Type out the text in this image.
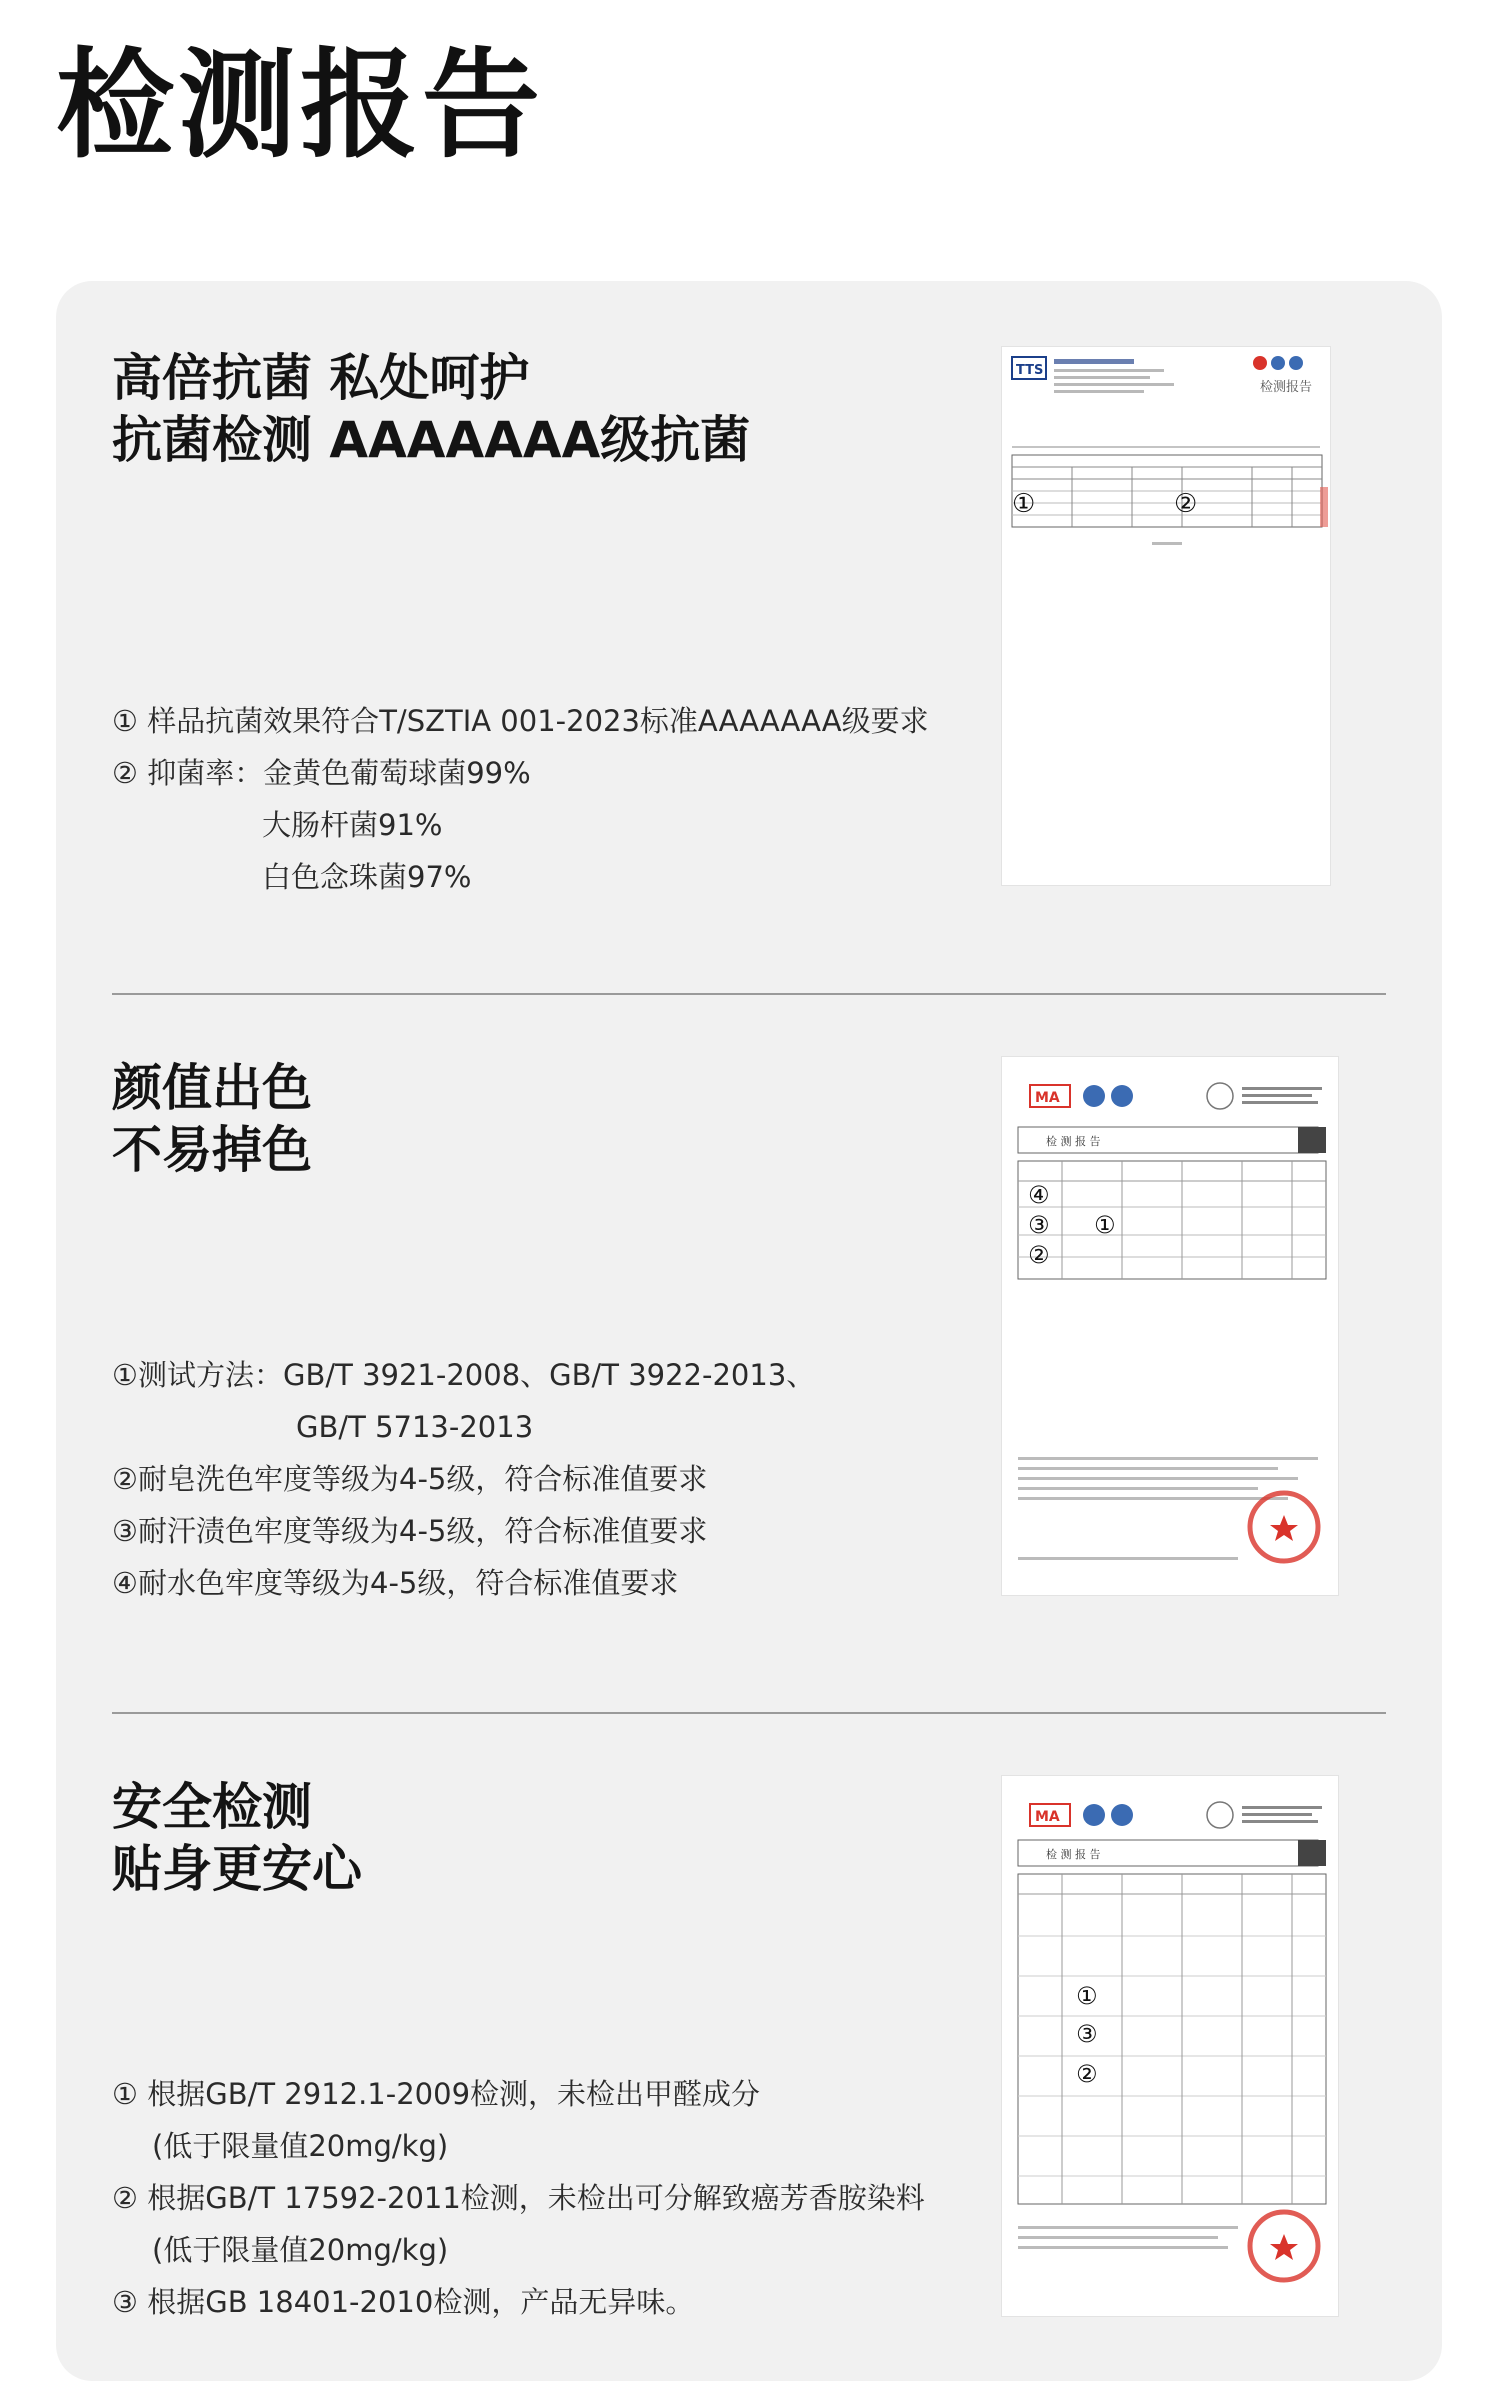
检测报告
高倍抗菌 私处呵护
抗菌检测 AAAAAAA级抗菌
① 样品抗菌效果符合T/SZTIA 001-2023标准AAAAAAA级要求
② 抑菌率：金黄色葡萄球菌99%
大肠杆菌91%
白色念珠菌97%
TTS
检测报告
①	②
颜值出色
不易掉色
①测试方法：GB/T 3921-2008、GB/T 3922-2013、
GB/T 5713-2013
②耐皂洗色牢度等级为4-5级，符合标准值要求
③耐汗渍色牢度等级为4-5级，符合标准值要求
④耐水色牢度等级为4-5级，符合标准值要求
MA
检 测 报 告
④
③ ①
②
安全检测
贴身更安心
① 根据GB/T 2912.1-2009检测，未检出甲醛成分
(低于限量值20mg/kg)
② 根据GB/T 17592-2011检测，未检出可分解致癌芳香胺染料
(低于限量值20mg/kg)
③ 根据GB 18401-2010检测，产品无异味。
MA
检 测 报 告
①
③
②
